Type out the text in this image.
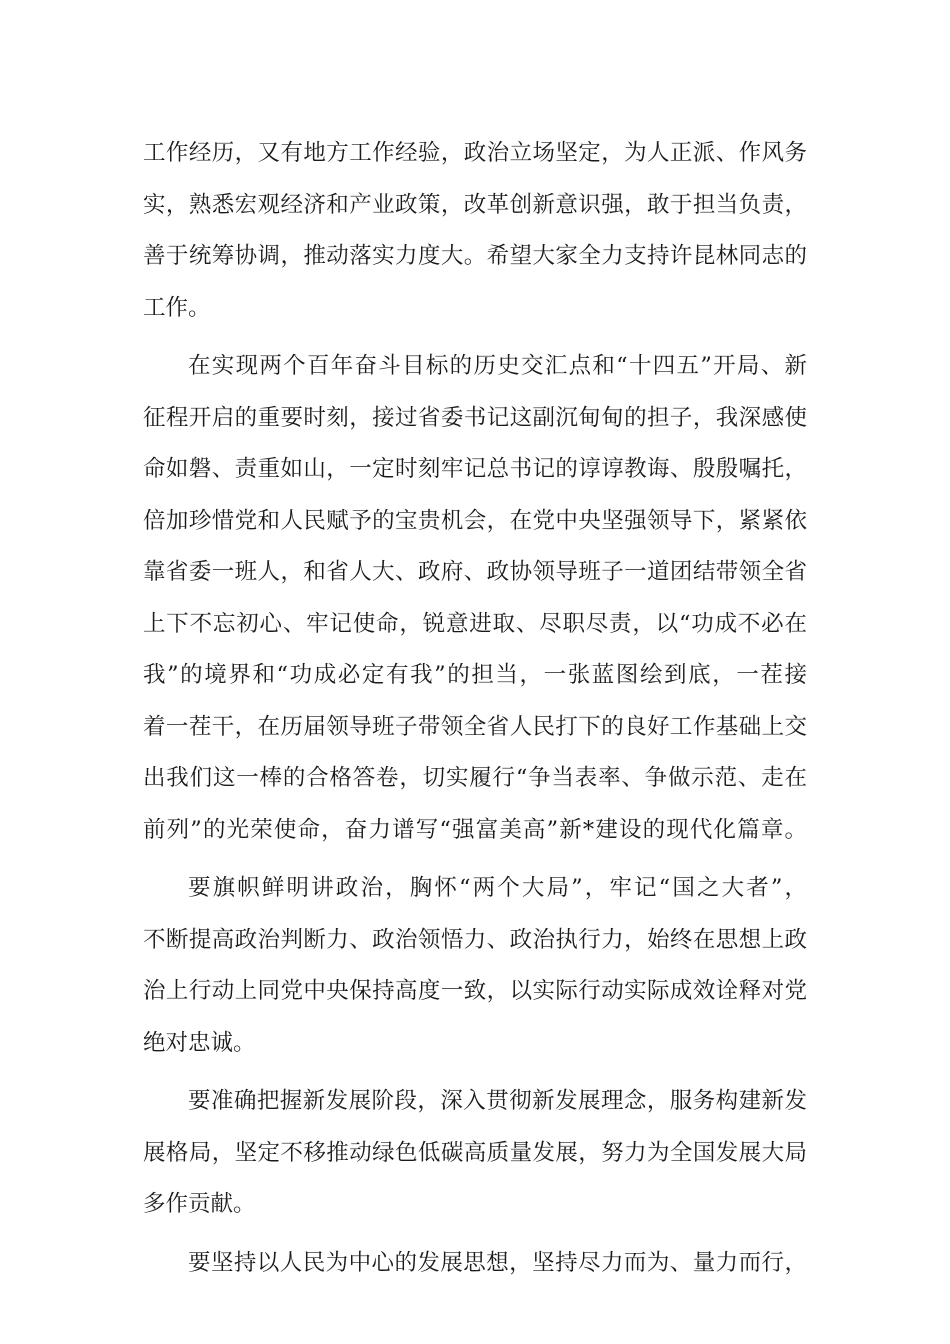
工作经历，又有地方工作经验，政治立场坚定，为人正派、作风务
实，熟悉宏观经济和产业政策，改革创新意识强，敢于担当负责，
善于统筹协调，推动落实力度大。希望大家全力支持许昆林同志的
工作。
在实现两个百年奋斗目标的历史交汇点和“十四五”开局、新
征程开启的重要时刻，接过省委书记这副沉甸甸的担子，我深感使
命如磐、责重如山，一定时刻牢记总书记的谆谆教诲、殷殷嘱托，
倍加珍惜党和人民赋予的宝贵机会，在党中央坚强领导下，紧紧依
靠省委一班人，和省人大、政府、政协领导班子一道团结带领全省
上下不忘初心、牢记使命，锐意进取、尽职尽责，以“功成不必在
我”的境界和“功成必定有我”的担当，一张蓝图绘到底，一茬接
着一茬干，在历届领导班子带领全省人民打下的良好工作基础上交
出我们这一棒的合格答卷，切实履行“争当表率、争做示范、走在
前列”的光荣使命，奋力谱写“强富美高”新*建设的现代化篇章。
要旗帜鲜明讲政治，胸怀“两个大局”，牢记“国之大者”，
不断提高政治判断力、政治领悟力、政治执行力，始终在思想上政
治上行动上同党中央保持高度一致，以实际行动实际成效诠释对党
绝对忠诚。
要准确把握新发展阶段，深入贯彻新发展理念，服务构建新发
展格局，坚定不移推动绿色低碳高质量发展，努力为全国发展大局
多作贡献。
要坚持以人民为中心的发展思想，坚持尽力而为、量力而行，
